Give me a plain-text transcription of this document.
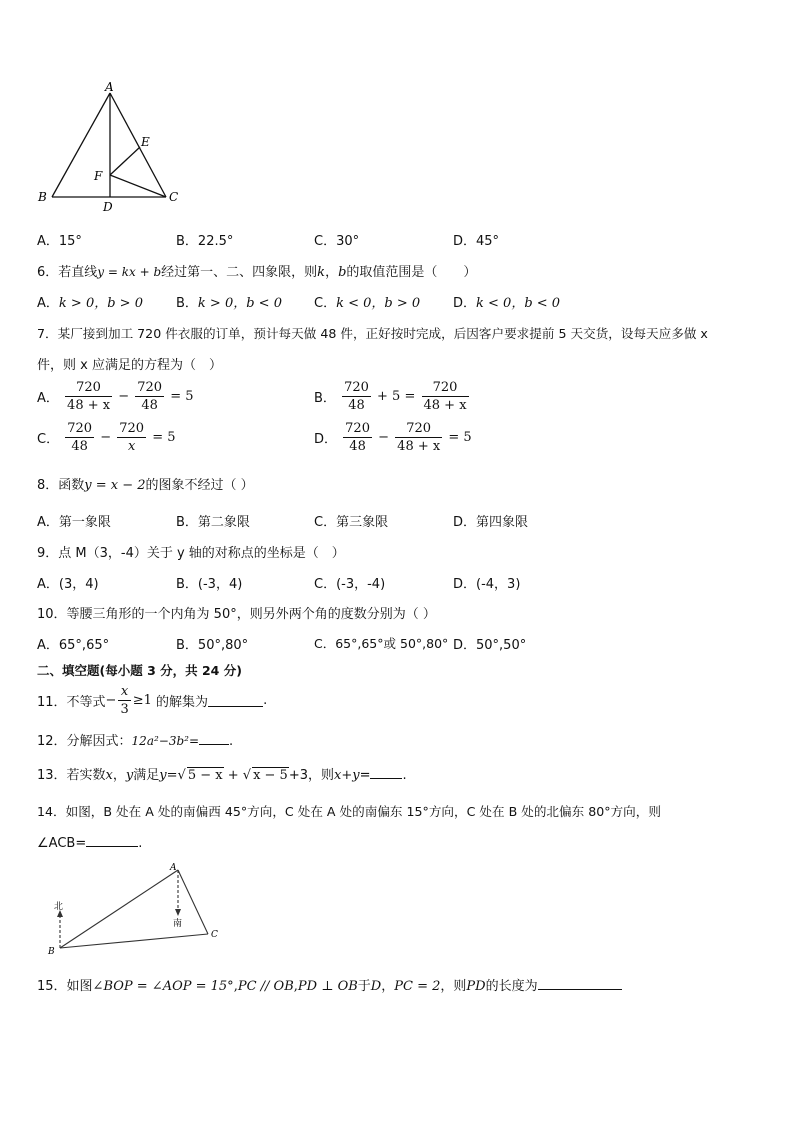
A
E
F
B	C
D
A．15°	B．22.5°	C．30°	D．45°
6．若直线y = kx + b经过第一、二、四象限，则k，b的取值范围是（　　）
A．k > 0，b > 0	B．k > 0，b < 0 C．k < 0，b > 0	D．k < 0，b < 0
7．某厂接到加工 720 件衣服的订单，预计每天做 48 件，正好按时完成，后因客户要求提前 5 天交货，设每天应多做 x
件，则 x 应满足的方程为（　）
A． $\frac{720}{48 + x} - \frac{720}{48} = 5$	B． $\frac{720}{48} + 5 = \frac{720}{48 + x}$
C． $\frac{720}{48} - \frac{720}{x} = 5$	D． $\frac{720}{48} - \frac{720}{48 + x} = 5$
8．函数y = x − 2的图象不经过（ ）
A．第一象限	B．第二象限	C．第三象限	D．第四象限
9．点 M（3，-4）关于 y 轴的对称点的坐标是（　）
A．(3，4)	B．(-3，4)	C．(-3，-4)	D．(-4，3)
10．等腰三角形的一个内角为 50°，则另外两个角的度数分别为（ ）
A．65°,65°	B．50°,80°	C．65°,65°或 50°,80° D．50°,50°
二、填空题(每小题 3 分，共 24 分)
11．不等式− $\frac{x}{3} \ge 1$ 的解集为	.
12．分解因式：12a²−3b²= .
13．若实数x，y满足y=√ 5 − x + √ x − 5+3，则x+y= .
14．如图，B 处在 A 处的南偏西 45°方向，C 处在 A 处的南偏东 15°方向，C 处在 B 处的北偏东 80°方向，则
∠ACB=	.
北
南
A
B
C
15．如图∠BOP = ∠AOP = 15°,PC // OB,PD ⊥ OB于D，PC = 2，则PD的长度为
